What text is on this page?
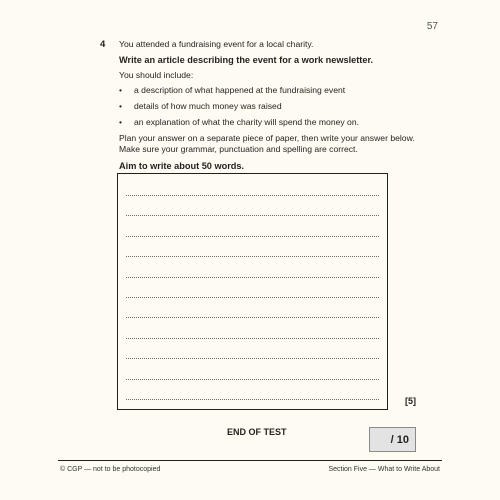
57
4 You attended a fundraising event for a local charity.

Write an article describing the event for a work newsletter.

You should include:

• a description of what happened at the fundraising event
• details of how much money was raised
• an explanation of what the charity will spend the money on.

Plan your answer on a separate piece of paper, then write your answer below.

Make sure your grammar, punctuation and spelling are correct.

Aim to write about 50 words.

[5]
END OF TEST
/ 10
© CGP — not to be photocopied	Section Five — What to Write About
